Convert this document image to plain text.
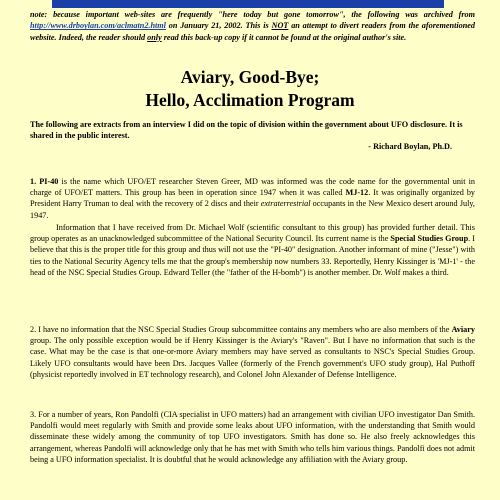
note: because important web-sites are frequently "here today but gone tomorrow", the following was archived from http://www.drboylan.com/aclmatn2.html on January 21, 2002. This is NOT an attempt to divert readers from the aforementioned website. Indeed, the reader should only read this back-up copy if it cannot be found at the original author's site.
Aviary, Good-Bye;
Hello, Acclimation Program
The following are extracts from an interview I did on the topic of division within the government about UFO disclosure. It is shared in the public interest.
- Richard Boylan, Ph.D.
1. PI-40 is the name which UFO/ET researcher Steven Greer, MD was informed was the code name for the governmental unit in charge of UFO/ET matters. This group has been in operation since 1947 when it was called MJ-12. It was originally organized by President Harry Truman to deal with the recovery of 2 discs and their extraterrestrial occupants in the New Mexico desert around July, 1947.
Information that I have received from Dr. Michael Wolf (scientific consultant to this group) has provided further detail. This group operates as an unacknowledged subcommittee of the National Security Council. Its current name is the Special Studies Group. I believe that this is the proper title for this group and thus will not use the "PI-40" designation. Another informant of mine ("Jesse") with ties to the National Security Agency tells me that the group's membership now numbers 33. Reportedly, Henry Kissinger is 'MJ-1' - the head of the NSC Special Studies Group. Edward Teller (the "father of the H-bomb") is another member. Dr. Wolf makes a third.
2. I have no information that the NSC Special Studies Group subcommittee contains any members who are also members of the Aviary group. The only possible exception would be if Henry Kissinger is the Aviary's "Raven". But I have no information that such is the case. What may be the case is that one-or-more Aviary members may have served as consultants to NSC's Special Studies Group. Likely UFO consultants would have been Drs. Jacques Vallee (formerly of the French government's UFO study group), Hal Puthoff (physicist reportedly involved in ET technology research), and Colonel John Alexander of Defense Intelligence.
3. For a number of years, Ron Pandolfi (CIA specialist in UFO matters) had an arrangement with civilian UFO investigator Dan Smith. Pandolfi would meet regularly with Smith and provide some leaks about UFO information, with the understanding that Smith would disseminate these widely among the community of top UFO investigators. Smith has done so. He also freely acknowledges this arrangement, whereas Pandolfi will acknowledge only that he has met with Smith who tells him various things. Pandolfi does not admit being a UFO information specialist. It is doubtful that he would acknowledge any affiliation with the Aviary group.
